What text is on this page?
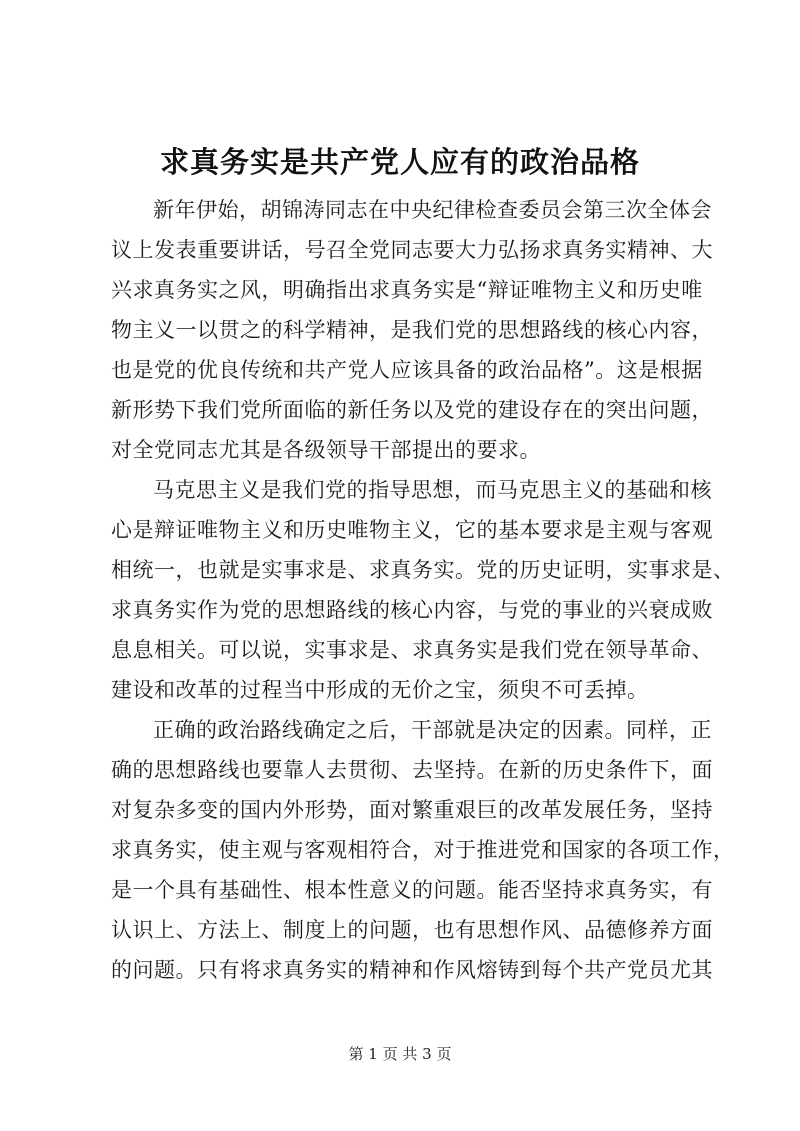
求真务实是共产党人应有的政治品格
新年伊始，胡锦涛同志在中央纪律检查委员会第三次全体会
议上发表重要讲话，号召全党同志要大力弘扬求真务实精神、大
兴求真务实之风，明确指出求真务实是“辩证唯物主义和历史唯
物主义一以贯之的科学精神，是我们党的思想路线的核心内容，
也是党的优良传统和共产党人应该具备的政治品格”。这是根据
新形势下我们党所面临的新任务以及党的建设存在的突出问题，
对全党同志尤其是各级领导干部提出的要求。
马克思主义是我们党的指导思想，而马克思主义的基础和核
心是辩证唯物主义和历史唯物主义，它的基本要求是主观与客观
相统一，也就是实事求是、求真务实。党的历史证明，实事求是、
求真务实作为党的思想路线的核心内容，与党的事业的兴衰成败
息息相关。可以说，实事求是、求真务实是我们党在领导革命、
建设和改革的过程当中形成的无价之宝，须臾不可丢掉。
正确的政治路线确定之后，干部就是决定的因素。同样，正
确的思想路线也要靠人去贯彻、去坚持。在新的历史条件下，面
对复杂多变的国内外形势，面对繁重艰巨的改革发展任务，坚持
求真务实，使主观与客观相符合，对于推进党和国家的各项工作，
是一个具有基础性、根本性意义的问题。能否坚持求真务实，有
认识上、方法上、制度上的问题，也有思想作风、品德修养方面
的问题。只有将求真务实的精神和作风熔铸到每个共产党员尤其
第 1 页 共 3 页
